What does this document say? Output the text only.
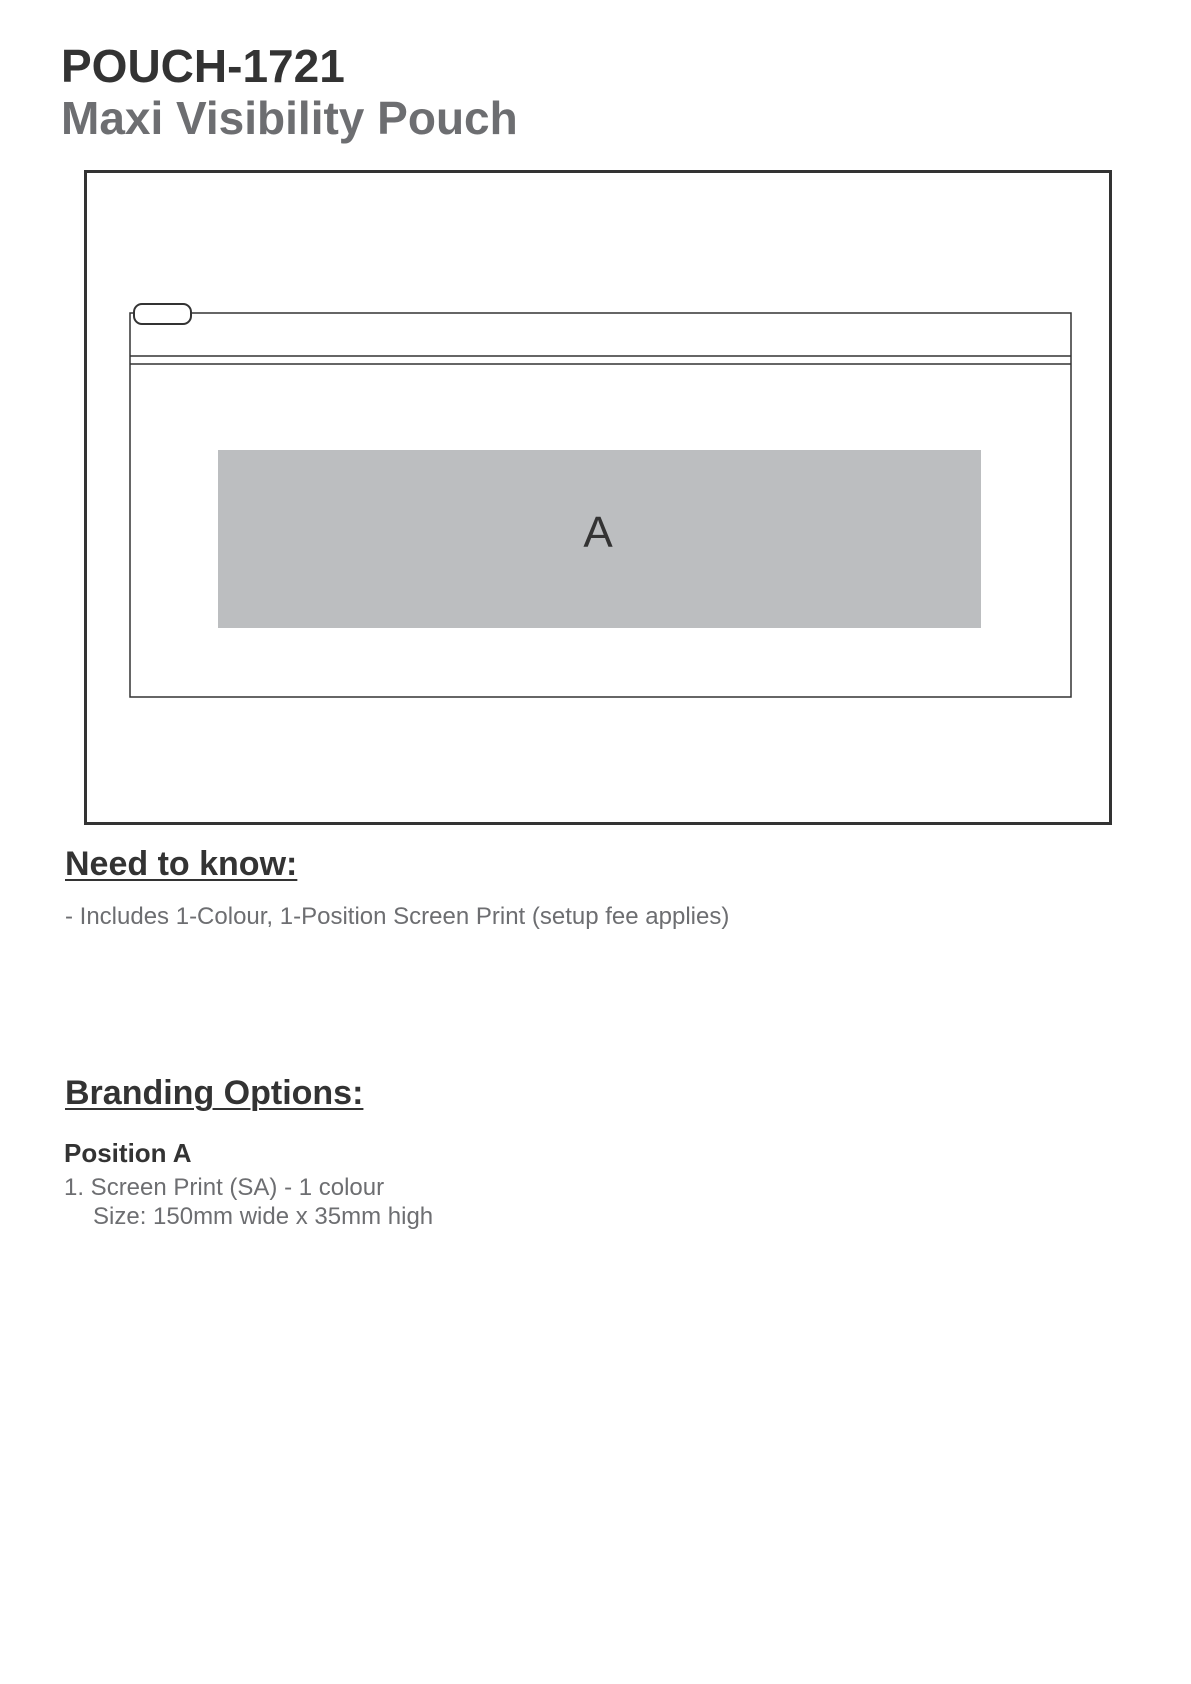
POUCH-1721
Maxi Visibility Pouch
A
Need to know:

- Includes 1-Colour, 1-Position Screen Print (setup fee applies)

Branding Options:

Position A

1. Screen Print (SA) - 1 colour

Size: 150mm wide x 35mm high
